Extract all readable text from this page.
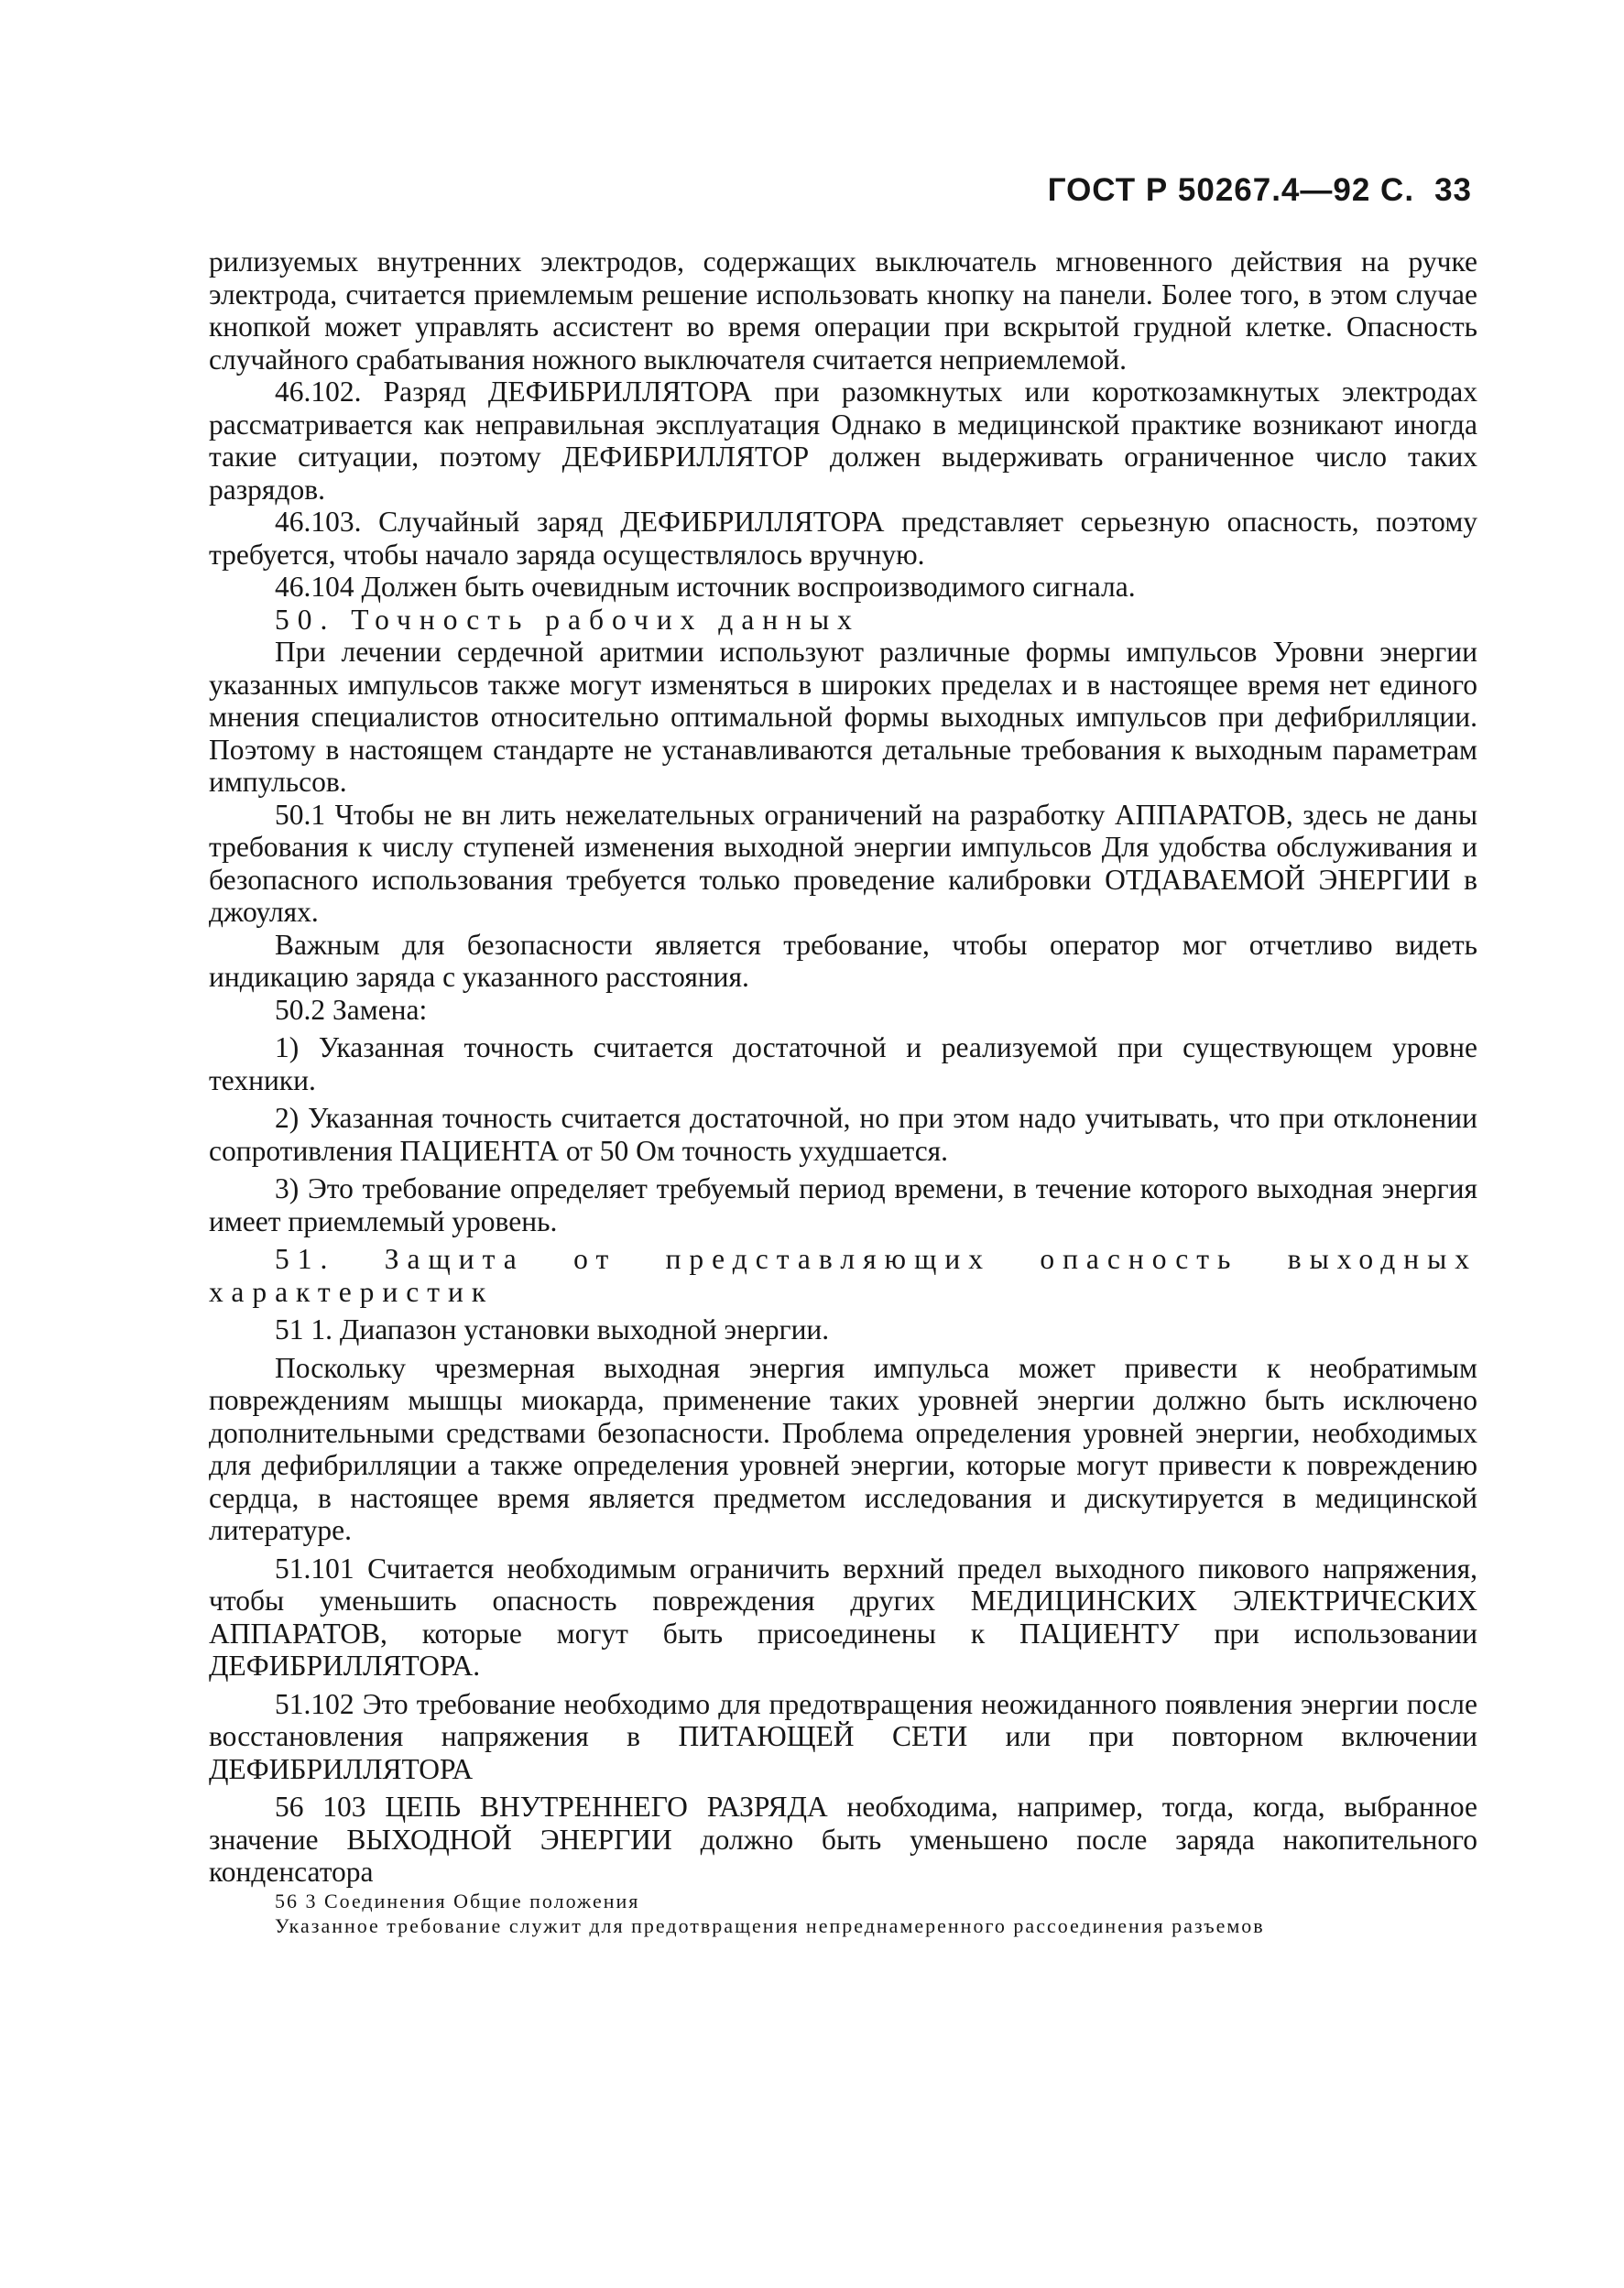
ГОСТ Р 50267.4—92 С. 33

рилизуемых внутренних электродов, содержащих выключатель мгновенного действия на ручке электрода, считается приемлемым решение использовать кнопку на панели. Более того, в этом случае кнопкой может управлять ассистент во время операции при вскрытой грудной клетке. Опасность случайного срабатывания ножного выключателя считается неприемлемой.

46.102. Разряд ДЕФИБРИЛЛЯТОРА при разомкнутых или короткозамкнутых электродах рассматривается как неправильная эксплуатация Однако в медицинской практике возникают иногда такие ситуации, поэтому ДЕФИБРИЛЛЯТОР должен выдерживать ограниченное число таких разрядов.

46.103. Случайный заряд ДЕФИБРИЛЛЯТОРА представляет серьезную опасность, поэтому требуется, чтобы начало заряда осуществлялось вручную.

46.104 Должен быть очевидным источник воспроизводимого сигнала.

50. Точность рабочих данных

При лечении сердечной аритмии используют различные формы импульсов Уровни энергии указанных импульсов также могут изменяться в широких пределах и в настоящее время нет единого мнения специалистов относительно оптимальной формы выходных импульсов при дефибрилляции. Поэтому в настоящем стандарте не устанавливаются детальные требования к выходным параметрам импульсов.

50.1 Чтобы не вн лить нежелательных ограничений на разработку АППАРАТОВ, здесь не даны требования к числу ступеней изменения выходной энергии импульсов Для удобства обслуживания и безопасного использования требуется только проведение калибровки ОТДАВАЕМОЙ ЭНЕРГИИ в джоулях.

Важным для безопасности является требование, чтобы оператор мог отчетливо видеть индикацию заряда с указанного расстояния.

50.2 Замена:

1) Указанная точность считается достаточной и реализуемой при существующем уровне техники.

2) Указанная точность считается достаточной, но при этом надо учитывать, что при отклонении сопротивления ПАЦИЕНТА от 50 Ом точность ухудшается.

3) Это требование определяет требуемый период времени, в течение которого выходная энергия имеет приемлемый уровень.

51. Защита от представляющих опасность выходных характеристик

51 1. Диапазон установки выходной энергии.

Поскольку чрезмерная выходная энергия импульса может привести к необратимым повреждениям мышцы миокарда, применение таких уровней энергии должно быть исключено дополнительными средствами безопасности. Проблема определения уровней энергии, необходимых для дефибрилляции а также определения уровней энергии, которые могут привести к повреждению сердца, в настоящее время является предметом исследования и дискутируется в медицинской литературе.

51.101 Считается необходимым ограничить верхний предел выходного пикового напряжения, чтобы уменьшить опасность повреждения других МЕДИЦИНСКИХ ЭЛЕКТРИЧЕСКИХ АППАРАТОВ, которые могут быть присоединены к ПАЦИЕНТУ при использовании ДЕФИБРИЛЛЯТОРА.

51.102 Это требование необходимо для предотвращения неожиданного появления энергии после восстановления напряжения в ПИТАЮЩЕЙ СЕТИ или при повторном включении ДЕФИБРИЛЛЯТОРА

56 103 ЦЕПЬ ВНУТРЕННЕГО РАЗРЯДА необходима, например, тогда, когда, выбранное значение ВЫХОДНОЙ ЭНЕРГИИ должно быть уменьшено после заряда накопительного конденсатора

56 3 Соединения Общие положения

Указанное требование служит для предотвращения непреднамеренного рассоединения разъемов
